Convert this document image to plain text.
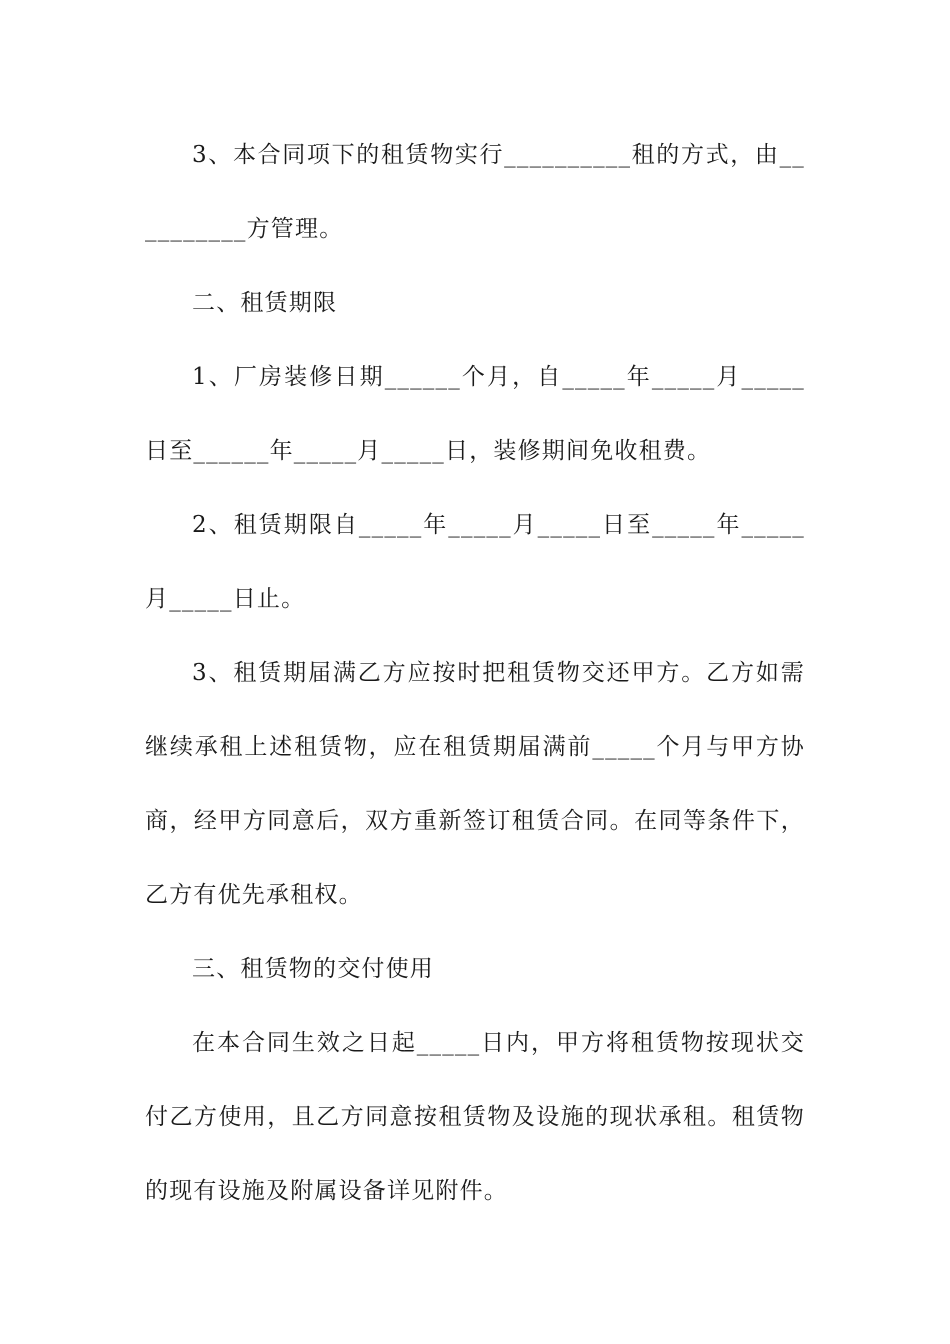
3、本合同项下的租赁物实行__________租的方式，由__________方管理。

二、租赁期限

1、厂房装修日期______个月，自_____年_____月_____日至______年_____月_____日，装修期间免收租费。

2、租赁期限自_____年_____月_____日至_____年_____月_____日止。

3、租赁期届满乙方应按时把租赁物交还甲方。乙方如需继续承租上述租赁物，应在租赁期届满前_____个月与甲方协商，经甲方同意后，双方重新签订租赁合同。在同等条件下，乙方有优先承租权。

三、租赁物的交付使用

在本合同生效之日起_____日内，甲方将租赁物按现状交付乙方使用，且乙方同意按租赁物及设施的现状承租。租赁物的现有设施及附属设备详见附件。
